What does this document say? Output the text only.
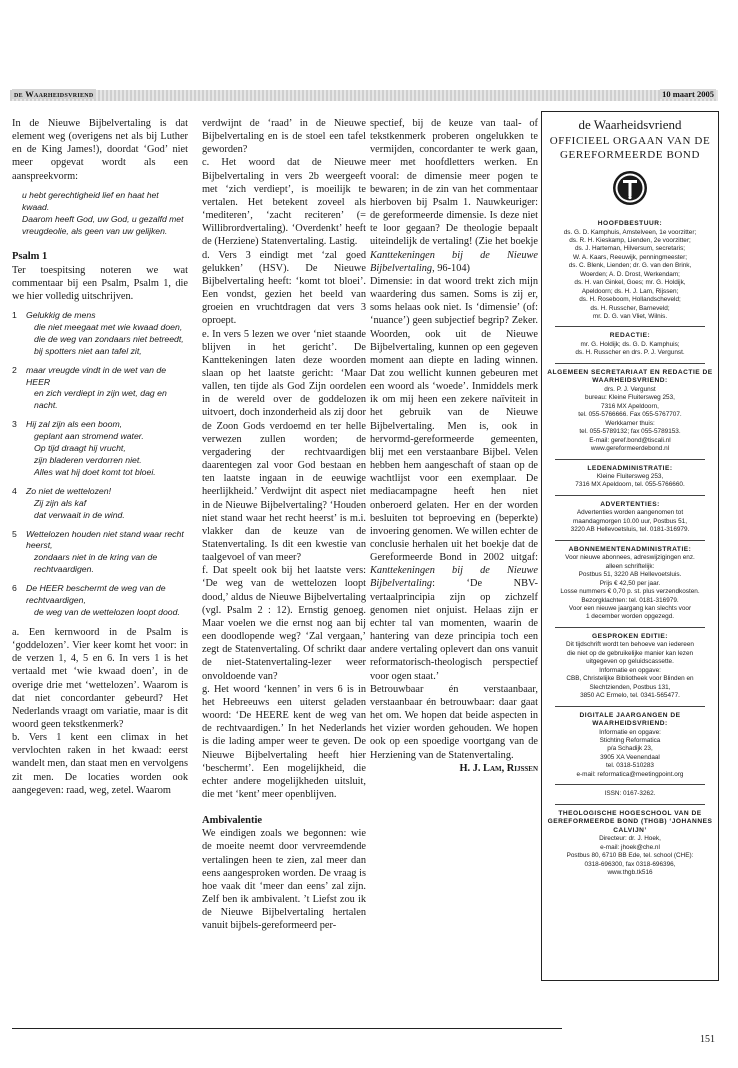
de Waarheidsvriend	10 maart 2005

In de Nieuwe Bijbelvertaling is dat element weg (overigens net als bij Luther en de King James!), doordat ‘God’ niet meer opgevat wordt als een aanspreekvorm:

u hebt gerechtigheid lief en haat het kwaad.

Daarom heeft God, uw God, u gezalfd met vreugdeolie, als geen van uw gelijken.

Psalm 1

Ter toespitsing noteren we wat commentaar bij een Psalm, Psalm 1, die we hier volledig uitschrijven.

1 Gelukkig de mens
die niet meegaat met wie kwaad doen,
die de weg van zondaars niet betreedt,
bij spotters niet aan tafel zit,
2 maar vreugde vindt in de wet van de HEER
en zich verdiept in zijn wet, dag en nacht.
3 Hij zal zijn als een boom,
geplant aan stromend water.
Op tijd draagt hij vrucht,
zijn bladeren verdorren niet.
Alles wat hij doet komt tot bloei.
4 Zo niet de wettelozen!
Zij zijn als kaf
dat verwaait in de wind.
5 Wettelozen houden niet stand waar recht heerst,
zondaars niet in de kring van de rechtvaardigen.
6 De HEER beschermt de weg van de rechtvaardigen,
de weg van de wettelozen loopt dood.

a. Een kernwoord in de Psalm is ‘goddelozen’. Vier keer komt het voor: in de verzen 1, 4, 5 en 6. In vers 1 is het vertaald met ‘wie kwaad doen’, in de overige drie met ‘wettelozen’. Waarom is dat niet concordanter gebeurd? Het Nederlands vraagt om variatie, maar is dit woord geen tekstkenmerk?

b. Vers 1 kent een climax in het vervlochten raken in het kwaad: eerst wandelt men, dan staat men en vervolgens zit men. De locaties worden ook aangegeven: raad, weg, zetel. Waarom

verdwijnt de ‘raad’ in de Nieuwe Bijbelvertaling en is de stoel een tafel geworden?

c. Het woord dat de Nieuwe Bijbelvertaling in vers 2b weergeeft met ‘zich verdiept’, is moeilijk te vertalen. Het betekent zoveel als ‘mediteren’, ‘zacht reciteren’ (= Willibrordvertaling). ‘Overdenkt’ heeft de (Herziene) Statenvertaling. Lastig.

d. Vers 3 eindigt met ‘zal goed gelukken’ (HSV). De Nieuwe Bijbelvertaling heeft: ‘komt tot bloei’. Een vondst, gezien het beeld van groeien en vruchtdragen dat vers 3 oproept.

e. In vers 5 lezen we over ‘niet staande blijven in het gericht’. De Kanttekeningen laten deze woorden slaan op het laatste gericht: ‘Maar vallen, ten tijde als God Zijn oordelen in de wereld over de goddelozen uitvoert, doch inzonderheid als zij door de Zoon Gods verdoemd en ter helle verwezen zullen worden; de vergadering der rechtvaardigen daarentegen zal voor God bestaan en ten laatste ingaan in de eeuwige heerlijkheid.’ Verdwijnt dit aspect niet in de Nieuwe Bijbelvertaling? ‘Houden niet stand waar het recht heerst’ is m.i. vlakker dan de keuze van de Statenvertaling. Is dit een kwestie van taalgevoel of van meer?

f. Dat speelt ook bij het laatste vers: ‘De weg van de wettelozen loopt dood,’ aldus de Nieuwe Bijbelvertaling (vgl. Psalm 2 : 12). Ernstig genoeg. Maar voelen we die ernst nog aan bij een doodlopende weg? ‘Zal vergaan,’ zegt de Statenvertaling. Of schrikt daar de niet-Statenvertaling-lezer weer onvoldoende van?

g. Het woord ‘kennen’ in vers 6 is in het Hebreeuws een uiterst geladen woord: ‘De HEERE kent de weg van de rechtvaardigen.’ In het Nederlands is die lading amper weer te geven. De Nieuwe Bijbelvertaling heeft hier ‘beschermt’. Een mogelijkheid, die echter andere mogelijkheden uitsluit, die met ‘kent’ meer openblijven.

Ambivalentie

We eindigen zoals we begonnen: wie de moeite neemt door vervreemdende vertalingen heen te zien, zal meer dan eens aangesproken worden. De vraag is hoe vaak dit ‘meer dan eens’ zal zijn. Zelf ben ik ambivalent. ’t Liefst zou ik de Nieuwe Bijbelvertaling hertalen vanuit bijbels-gereformeerd per-

spectief, bij de keuze van taal- of tekstkenmerk proberen ongelukken te vermijden, concordanter te werk gaan, meer met hoofdletters werken. En vooral: de dimensie meer pogen te bewaren; in de zin van het commentaar hierboven bij Psalm 1. Nauwkeuriger: de gereformeerde dimensie. Is deze niet te loor gegaan? De theologie bepaalt uiteindelijk de vertaling! (Zie het boekje Kanttekeningen bij de Nieuwe Bijbelvertaling, 96-104)

Dimensie: in dat woord trekt zich mijn waardering dus samen. Soms is zij er, soms helaas ook niet. Is ‘dimensie’ (of: ‘nuance’) geen subjectief begrip? Zeker. Woorden, ook uit de Nieuwe Bijbelvertaling, kunnen op een gegeven moment aan diepte en lading winnen. Dat zou wellicht kunnen gebeuren met een woord als ‘woede’. Inmiddels merk ik om mij heen een zekere naïviteit in het gebruik van de Nieuwe Bijbelvertaling. Men is, ook in hervormd-gereformeerde gemeenten, blij met een verstaanbare Bijbel. Velen hebben hem aangeschaft of staan op de wachtlijst voor een exemplaar. De mediacampagne heeft hen niet onberoerd gelaten. Her en der worden besluiten tot beproeving en (beperkte) invoering genomen. We willen echter de conclusie herhalen uit het boekje dat de Gereformeerde Bond in 2002 uitgaf: Kanttekeningen bij de Nieuwe Bijbelvertaling: ‘De NBV-vertaalprincipia zijn op zichzelf genomen niet onjuist. Helaas zijn er echter tal van momenten, waarin de hantering van deze principia toch een andere vertaling oplevert dan ons vanuit reformatorisch-theologisch perspectief voor ogen staat.’

Betrouwbaar én verstaanbaar, verstaanbaar én betrouwbaar: daar gaat het om. We hopen dat beide aspecten in het vizier worden gehouden. We hopen ook op een spoedige voortgang van de Herziening van de Statenvertaling.

H. J. Lam, Rijssen

de Waarheidsvriend
OFFICIEEL ORGAAN VAN DE
GEREFORMEERDE BOND
HOOFDBESTUUR:
ds. G. D. Kamphuis, Amstelveen, 1e voorzitter;
ds. R. H. Kieskamp, Lienden, 2e voorzitter;
ds. J. Harteman, Hilversum, secretaris;
W. A. Kaars, Reeuwijk, penningmeester;
ds. C. Blenk, Lienden; dr. G. van den Brink,
Woerden; A. D. Drost, Werkendam;
ds. H. van Ginkel, Goes; mr. G. Holdijk,
Apeldoorn; ds. H. J. Lam, Rijssen;
ds. H. Roseboom, Hollandscheveld;
ds. H. Russcher, Barneveld;
mr. D. G. van Vliet, Wilnis.
REDACTIE:
mr. G. Holdijk; ds. G. D. Kamphuis;
ds. H. Russcher en drs. P. J. Vergunst.
ALGEMEEN SECRETARIAAT EN REDACTIE DE WAARHEIDSVRIEND:
drs. P. J. Vergunst
bureau: Kleine Fluitersweg 253,
7316 MX Apeldoorn,
tel. 055-5766666. Fax 055-5767707.
Werkkamer thuis:
tel. 055-5789132; fax 055-5789153.
E-mail: geref.bond@tiscali.nl
www.gereformeerdebond.nl
LEDENADMINISTRATIE:
Kleine Fluitersweg 253,
7316 MX Apeldoorn, tel. 055-5766660.
ADVERTENTIES:
Advertenties worden aangenomen tot
maandagmorgen 10.00 uur, Postbus 51,
3220 AB Hellevoetsluis, tel. 0181-316979.
ABONNEMENTENADMINISTRATIE:
Voor nieuwe abonnees, adreswijzigingen enz.
alleen schriftelijk:
Postbus 51, 3220 AB Hellevoetsluis.
Prijs € 42,50 per jaar.
Losse nummers € 0,70 p. st. plus verzendkosten. Bezorgklachten: tel. 0181-316979.
Voor een nieuwe jaargang kan slechts voor
1 december worden opgezegd.
GESPROKEN EDITIE:
Dit tijdschrift wordt ten behoeve van iedereen
die niet op de gebruikelijke manier kan lezen
uitgegeven op geluidscassette.
Informatie en opgave:
CBB, Christelijke Bibliotheek voor Blinden en
Slechtzienden, Postbus 131,
3850 AC Ermelo, tel. 0341-565477.
DIGITALE JAARGANGEN DE WAARHEIDSVRIEND:
Informatie en opgave:
Stichting Reformatica
p/a Schadijk 23,
3905 XA Veenendaal
tel. 0318-510283
e-mail: reformatica@meetingpoint.org
ISSN: 0167-3262.
THEOLOGISCHE HOGESCHOOL VAN DE GEREFORMEERDE BOND (THGB) ‘JOHANNES CALVIJN’
Directeur: dr. J. Hoek,
e-mail: jhoek@che.nl
Postbus 80, 6710 BB Ede, tel. school (CHE):
0318-696300, fax 0318-696396,
www.thgb.tk516
151
